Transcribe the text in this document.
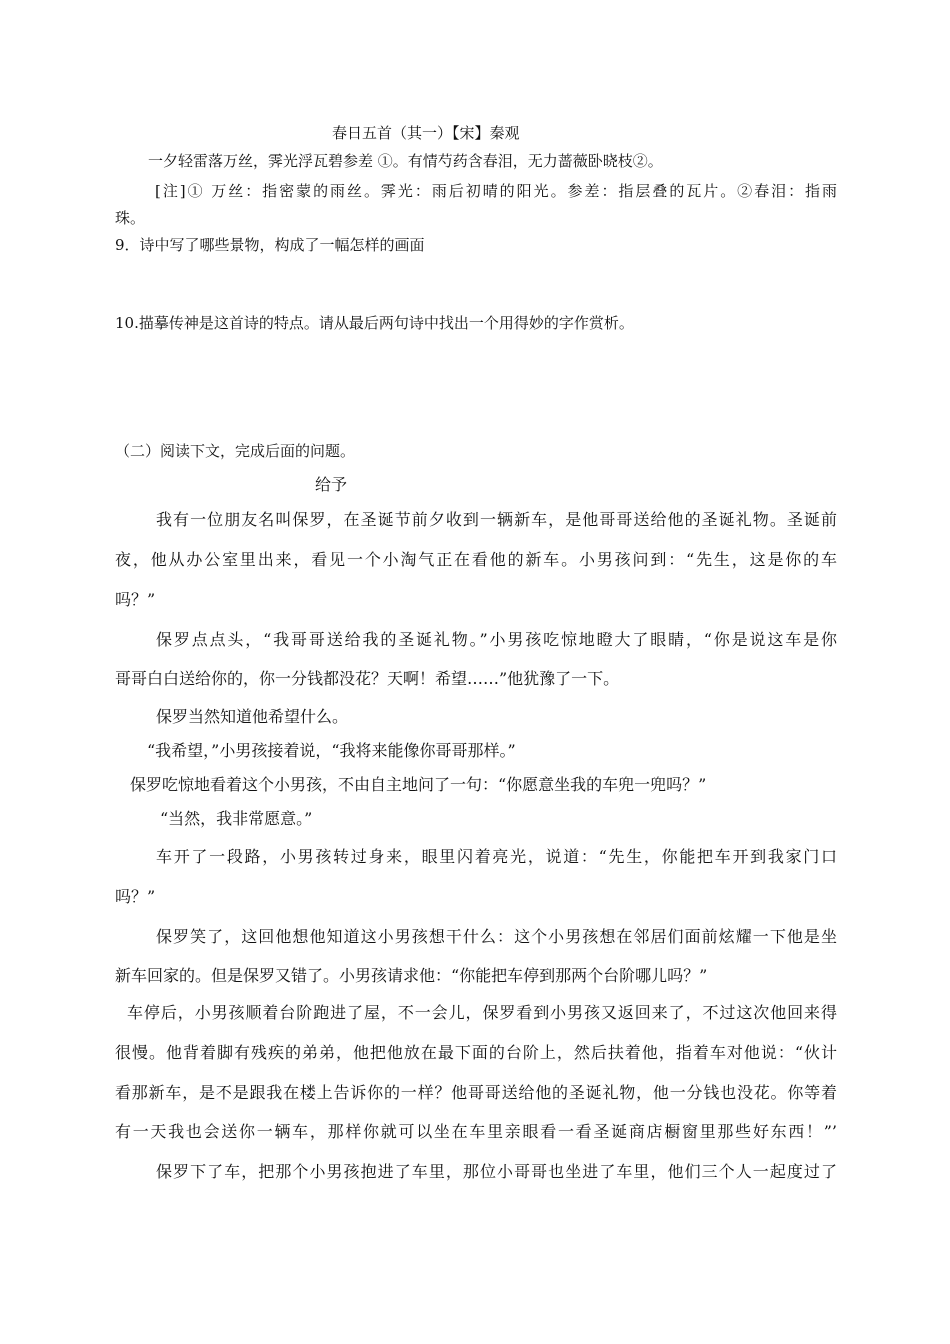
春日五首（其一）【宋】秦观
一夕轻雷落万丝，霁光浮瓦碧参差 ①。有情芍药含春泪，无力蔷薇卧晓枝②。
[注]① 万丝：指密蒙的雨丝。霁光：雨后初晴的阳光。参差：指层叠的瓦片。②春泪：指雨
珠。
9．诗中写了哪些景物，构成了一幅怎样的画面
10.描摹传神是这首诗的特点。请从最后两句诗中找出一个用得妙的字作赏析。
（二）阅读下文，完成后面的问题。
给予
我有一位朋友名叫保罗，在圣诞节前夕收到一辆新车，是他哥哥送给他的圣诞礼物。圣诞前
夜，他从办公室里出来，看见一个小淘气正在看他的新车。小男孩问到：“先生，这是你的车
吗？”
保罗点点头，“我哥哥送给我的圣诞礼物。”小男孩吃惊地瞪大了眼睛，“你是说这车是你
哥哥白白送给你的，你一分钱都没花？天啊！希望……”他犹豫了一下。
保罗当然知道他希望什么。
“我希望，”小男孩接着说，“我将来能像你哥哥那样。”
保罗吃惊地看着这个小男孩，不由自主地问了一句：“你愿意坐我的车兜一兜吗？”
“当然，我非常愿意。”
车开了一段路，小男孩转过身来，眼里闪着亮光，说道：“先生，你能把车开到我家门口
吗？”
保罗笑了，这回他想他知道这小男孩想干什么：这个小男孩想在邻居们面前炫耀一下他是坐
新车回家的。但是保罗又错了。小男孩请求他：“你能把车停到那两个台阶哪儿吗？”
车停后，小男孩顺着台阶跑进了屋，不一会儿，保罗看到小男孩又返回来了，不过这次他回来得
很慢。他背着脚有残疾的弟弟，他把他放在最下面的台阶上，然后扶着他，指着车对他说：“伙计
看那新车，是不是跟我在楼上告诉你的一样？他哥哥送给他的圣诞礼物，他一分钱也没花。你等着
有一天我也会送你一辆车，那样你就可以坐在车里亲眼看一看圣诞商店橱窗里那些好东西！”’
保罗下了车，把那个小男孩抱进了车里，那位小哥哥也坐进了车里，他们三个人一起度过了
